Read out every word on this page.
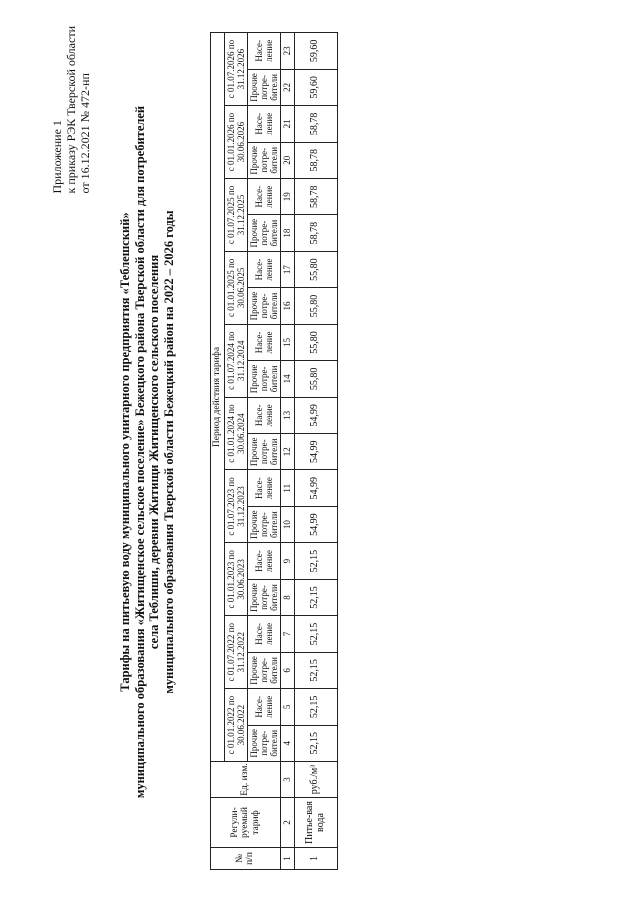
Приложение 1 к приказу РЭК Тверской области от 16.12.2021 № 472-нп
Тарифы на питьевую воду муниципального унитарного предприятия «Теблешский» муниципального образования «Житищенское сельское поселение» Бежецкого района Тверской области для потребителей села Теблиши, деревни Житищи Житищенского сельского поселения муниципального образования Тверской области Бежецкий район на 2022 – 2026 годы
№ п/п	Регули-руемый тариф	Ед. изм.	Период действия тарифа																			
			с 01.01.2022 по 30.06.2022		с 01.07.2022 по 31.12.2022		с 01.01.2023 по 30.06.2023		с 01.07.2023 по 31.12.2023		с 01.01.2024 по 30.06.2024		с 01.07.2024 по 31.12.2024		с 01.01.2025 по 30.06.2025		с 01.07.2025 по 31.12.2025		с 01.01.2026 по 30.06.2026		с 01.07.2026 по 31.12.2026	
			Прочие потре-бители	Насе-ление	Прочие потре-бители	Насе-ление	Прочие потре-бители	Насе-ление	Прочие потре-бители	Насе-ление	Прочие потре-бители	Насе-ление	Прочие потре-бители	Насе-ление	Прочие потре-бители	Насе-ление	Прочие потре-бители	Насе-ление	Прочие потре-бители	Насе-ление	Прочие потре-бители	Насе-ление
1	2	3	4	5	6	7	8	9	10	11	12	13	14	15	16	17	18	19	20	21	22	23
1	Питье-вая вода	руб./м³	52,15	52,15	52,15	52,15	52,15	52,15	54,99	54,99	54,99	54,99	55,80	55,80	55,80	55,80	58,78	58,78	58,78	58,78	59,60	59,60
